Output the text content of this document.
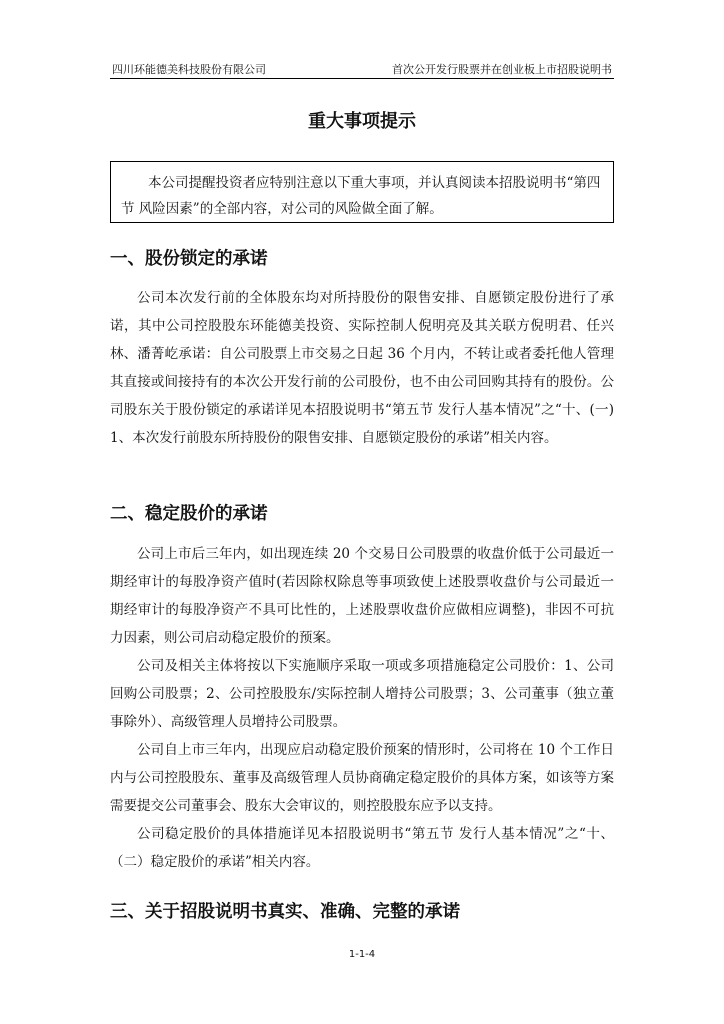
四川环能德美科技股份有限公司	首次公开发行股票并在创业板上市招股说明书
重大事项提示
本公司提醒投资者应特别注意以下重大事项，并认真阅读本招股说明书“第四节 风险因素”的全部内容，对公司的风险做全面了解。
一、股份锁定的承诺

公司本次发行前的全体股东均对所持股份的限售安排、自愿锁定股份进行了承诺，其中公司控股股东环能德美投资、实际控制人倪明亮及其关联方倪明君、任兴林、潘菁屹承诺：自公司股票上市交易之日起 36 个月内，不转让或者委托他人管理其直接或间接持有的本次公开发行前的公司股份，也不由公司回购其持有的股份。公司股东关于股份锁定的承诺详见本招股说明书“第五节 发行人基本情况”之“十、(一) 1、本次发行前股东所持股份的限售安排、自愿锁定股份的承诺”相关内容。

二、稳定股价的承诺

公司上市后三年内，如出现连续 20 个交易日公司股票的收盘价低于公司最近一期经审计的每股净资产值时(若因除权除息等事项致使上述股票收盘价与公司最近一期经审计的每股净资产不具可比性的，上述股票收盘价应做相应调整)，非因不可抗力因素，则公司启动稳定股价的预案。

公司及相关主体将按以下实施顺序采取一项或多项措施稳定公司股价：1、公司回购公司股票；2、公司控股股东/实际控制人增持公司股票；3、公司董事（独立董事除外）、高级管理人员增持公司股票。

公司自上市三年内，出现应启动稳定股价预案的情形时，公司将在 10 个工作日内与公司控股股东、董事及高级管理人员协商确定稳定股价的具体方案，如该等方案需要提交公司董事会、股东大会审议的，则控股股东应予以支持。

公司稳定股价的具体措施详见本招股说明书“第五节 发行人基本情况”之“十、（二）稳定股价的承诺”相关内容。

三、关于招股说明书真实、准确、完整的承诺
1-1-4
